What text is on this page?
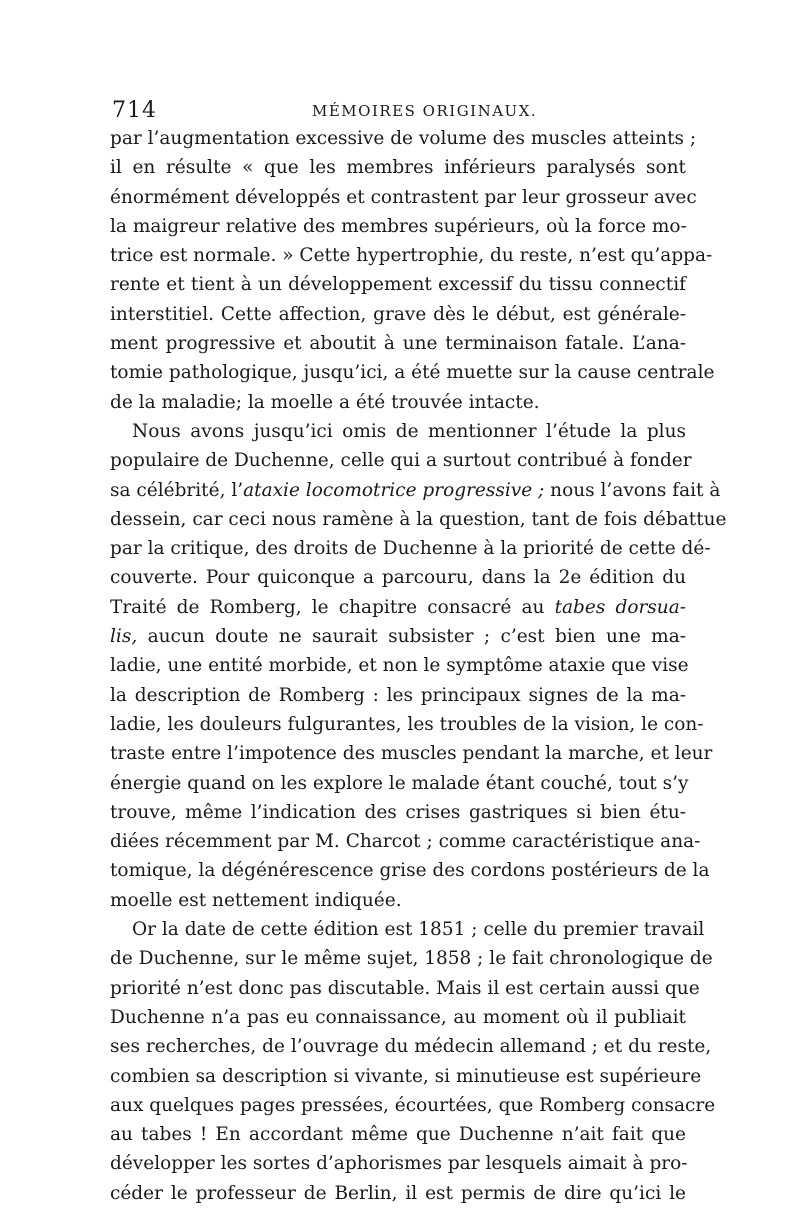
714	MÉMOIRES ORIGINAUX.
par l’augmentation excessive de volume des muscles atteints ;
il en résulte « que les membres inférieurs paralysés sont
énormément développés et contrastent par leur grosseur avec
la maigreur relative des membres supérieurs, où la force mo-
trice est normale. » Cette hypertrophie, du reste, n’est qu’appa-
rente et tient à un développement excessif du tissu connectif
interstitiel. Cette affection, grave dès le début, est générale-
ment progressive et aboutit à une terminaison fatale. L’ana-
tomie pathologique, jusqu’ici, a été muette sur la cause centrale
de la maladie; la moelle a été trouvée intacte.
Nous avons jusqu’ici omis de mentionner l’étude la plus
populaire de Duchenne, celle qui a surtout contribué à fonder
sa célébrité, l’ataxie locomotrice progressive ; nous l’avons fait à
dessein, car ceci nous ramène à la question, tant de fois débattue
par la critique, des droits de Duchenne à la priorité de cette dé-
couverte. Pour quiconque a parcouru, dans la 2e édition du
Traité de Romberg, le chapitre consacré au tabes dorsua-
lis, aucun doute ne saurait subsister ; c’est bien une ma-
ladie, une entité morbide, et non le symptôme ataxie que vise
la description de Romberg : les principaux signes de la ma-
ladie, les douleurs fulgurantes, les troubles de la vision, le con-
traste entre l’impotence des muscles pendant la marche, et leur
énergie quand on les explore le malade étant couché, tout s’y
trouve, même l’indication des crises gastriques si bien étu-
diées récemment par M. Charcot ; comme caractéristique ana-
tomique, la dégénérescence grise des cordons postérieurs de la
moelle est nettement indiquée.
Or la date de cette édition est 1851 ; celle du premier travail
de Duchenne, sur le même sujet, 1858 ; le fait chronologique de
priorité n’est donc pas discutable. Mais il est certain aussi que
Duchenne n’a pas eu connaissance, au moment où il publiait
ses recherches, de l’ouvrage du médecin allemand ; et du reste,
combien sa description si vivante, si minutieuse est supérieure
aux quelques pages pressées, écourtées, que Romberg consacre
au tabes ! En accordant même que Duchenne n’ait fait que
développer les sortes d’aphorismes par lesquels aimait à pro-
céder le professeur de Berlin, il est permis de dire qu’ici le
